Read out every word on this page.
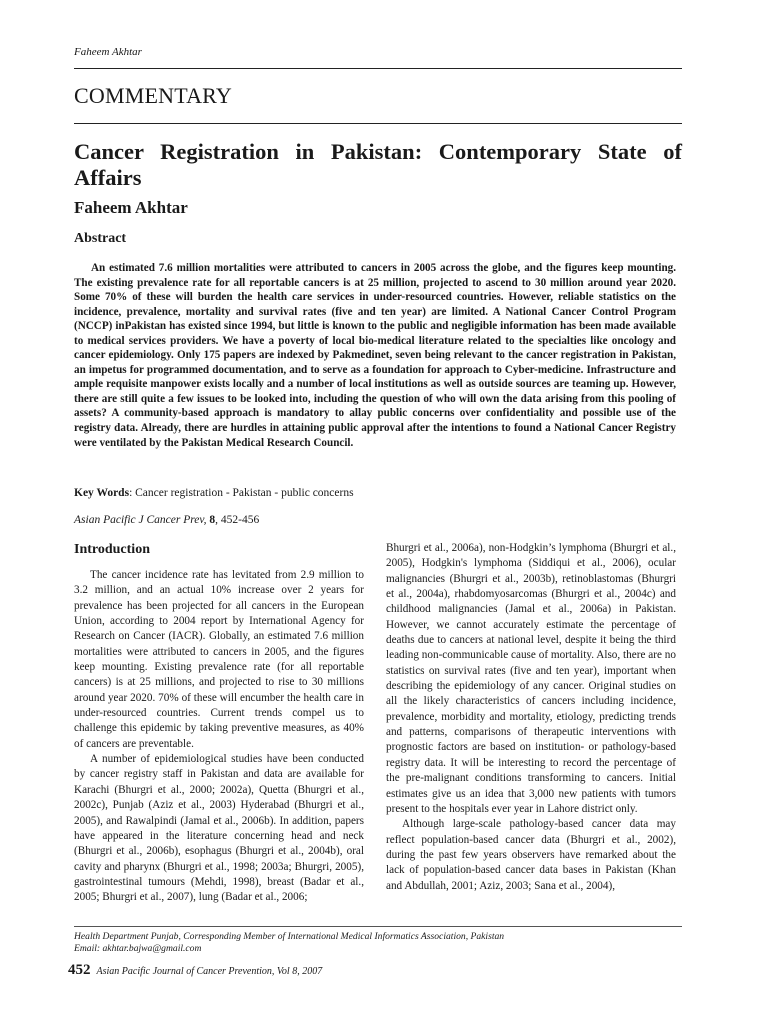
Faheem Akhtar
COMMENTARY
Cancer Registration in Pakistan: Contemporary State of Affairs
Faheem Akhtar
Abstract

An estimated 7.6 million mortalities were attributed to cancers in 2005 across the globe, and the figures keep mounting. The existing prevalence rate for all reportable cancers is at 25 million, projected to ascend to 30 million around year 2020. Some 70% of these will burden the health care services in under-resourced countries. However, reliable statistics on the incidence, prevalence, mortality and survival rates (five and ten year) are limited. A National Cancer Control Program (NCCP) inPakistan has existed since 1994, but little is known to the public and negligible information has been made available to medical services providers. We have a poverty of local bio-medical literature related to the specialties like oncology and cancer epidemiology. Only 175 papers are indexed by Pakmedinet, seven being relevant to the cancer registration in Pakistan, an impetus for programmed documentation, and to serve as a foundation for approach to Cyber-medicine. Infrastructure and ample requisite manpower exists locally and a number of local institutions as well as outside sources are teaming up. However, there are still quite a few issues to be looked into, including the question of who will own the data arising from this pooling of assets? A community-based approach is mandatory to allay public concerns over confidentiality and possible use of the registry data. Already, there are hurdles in attaining public approval after the intentions to found a National Cancer Registry were ventilated by the Pakistan Medical Research Council.

Key Words: Cancer registration - Pakistan - public concerns
Asian Pacific J Cancer Prev, 8, 452-456
Introduction

The cancer incidence rate has levitated from 2.9 million to 3.2 million, and an actual 10% increase over 2 years for prevalence has been projected for all cancers in the European Union, according to 2004 report by International Agency for Research on Cancer (IACR). Globally, an estimated 7.6 million mortalities were attributed to cancers in 2005, and the figures keep mounting. Existing prevalence rate (for all reportable cancers) is at 25 millions, and projected to rise to 30 millions around year 2020. 70% of these will encumber the health care in under-resourced countries. Current trends compel us to challenge this epidemic by taking preventive measures, as 40% of cancers are preventable.

A number of epidemiological studies have been conducted by cancer registry staff in Pakistan and data are available for Karachi (Bhurgri et al., 2000; 2002a), Quetta (Bhurgri et al., 2002c), Punjab (Aziz et al., 2003) Hyderabad (Bhurgri et al., 2005), and Rawalpindi (Jamal et al., 2006b). In addition, papers have appeared in the literature concerning head and neck (Bhurgri et al., 2006b), esophagus (Bhurgri et al., 2004b), oral cavity and pharynx (Bhurgri et al., 1998; 2003a; Bhurgri, 2005), gastrointestinal tumours (Mehdi, 1998), breast (Badar et al., 2005; Bhurgri et al., 2007), lung (Badar et al., 2006;

Bhurgri et al., 2006a), non-Hodgkin’s lymphoma (Bhurgri et al., 2005), Hodgkin's lymphoma (Siddiqui et al., 2006), ocular malignancies (Bhurgri et al., 2003b), retinoblastomas (Bhurgri et al., 2004a), rhabdomyosarcomas (Bhurgri et al., 2004c) and childhood malignancies (Jamal et al., 2006a) in Pakistan. However, we cannot accurately estimate the percentage of deaths due to cancers at national level, despite it being the third leading non-communicable cause of mortality. Also, there are no statistics on survival rates (five and ten year), important when describing the epidemiology of any cancer. Original studies on all the likely characteristics of cancers including incidence, prevalence, morbidity and mortality, etiology, predicting trends and patterns, comparisons of therapeutic interventions with prognostic factors are based on institution- or pathology-based registry data. It will be interesting to record the percentage of the pre-malignant conditions transforming to cancers. Initial estimates give us an idea that 3,000 new patients with tumors present to the hospitals ever year in Lahore district only.

Although large-scale pathology-based cancer data may reflect population-based cancer data (Bhurgri et al., 2002), during the past few years observers have remarked about the lack of population-based cancer data bases in Pakistan (Khan and Abdullah, 2001; Aziz, 2003; Sana et al., 2004),

Health Department Punjab, Corresponding Member of International Medical Informatics Association, Pakistan
Email: akhtar.bajwa@gmail.com
452 Asian Pacific Journal of Cancer Prevention, Vol 8, 2007
